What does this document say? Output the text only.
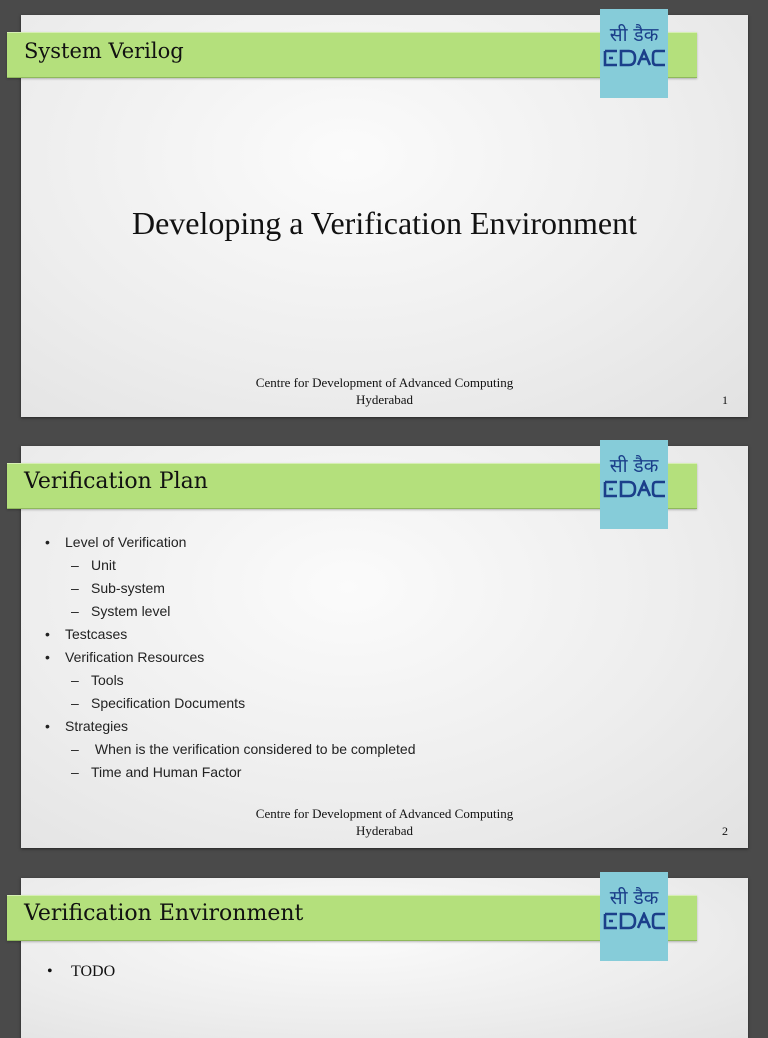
System Verilog
सी डैक
Developing a Verification Environment
Centre for Development of Advanced Computing
Hyderabad	1
Verification Plan
सी डैक
• Level of Verification
– Unit
– Sub-system
– System level
• Testcases
• Verification Resources
– Tools
– Specification Documents
• Strategies
–  When is the verification considered to be completed
– Time and Human Factor
Centre for Development of Advanced Computing
Hyderabad	2
Verification Environment
सी डैक
• TODO
